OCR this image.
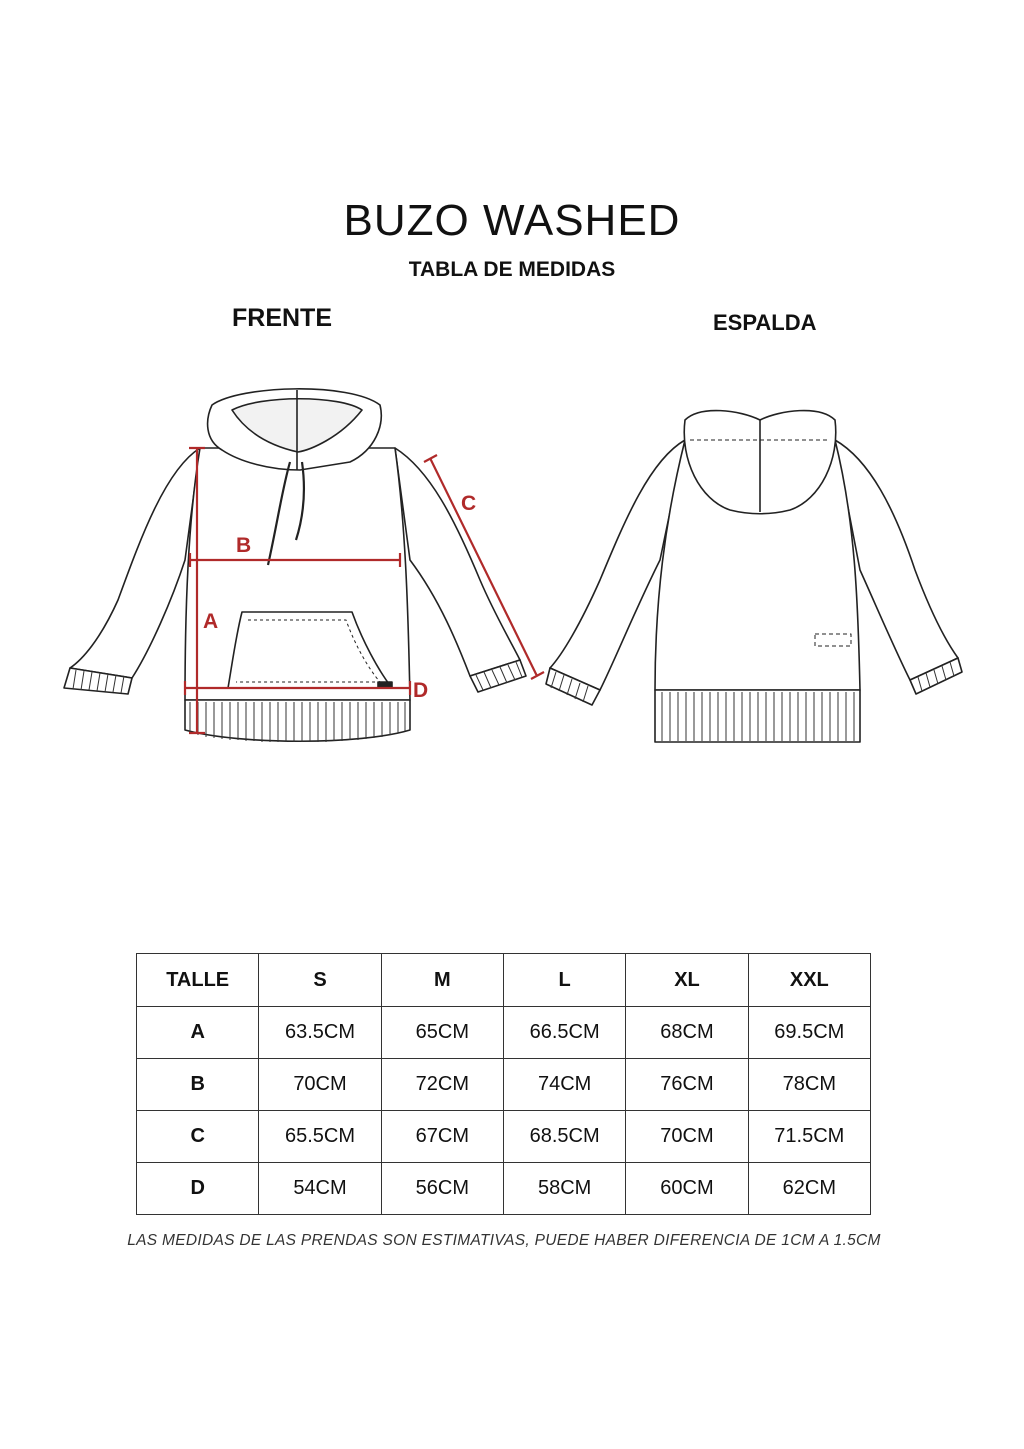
BUZO WASHED
TABLA DE MEDIDAS
FRENTE	ESPALDA
A
B
C
D
TALLE	S	M	L	XL	XXL
A	63.5CM	65CM	66.5CM	68CM	69.5CM
B	70CM	72CM	74CM	76CM	78CM
C	65.5CM	67CM	68.5CM	70CM	71.5CM
D	54CM	56CM	58CM	60CM	62CM
LAS MEDIDAS DE LAS PRENDAS SON ESTIMATIVAS, PUEDE HABER DIFERENCIA DE 1CM A 1.5CM
